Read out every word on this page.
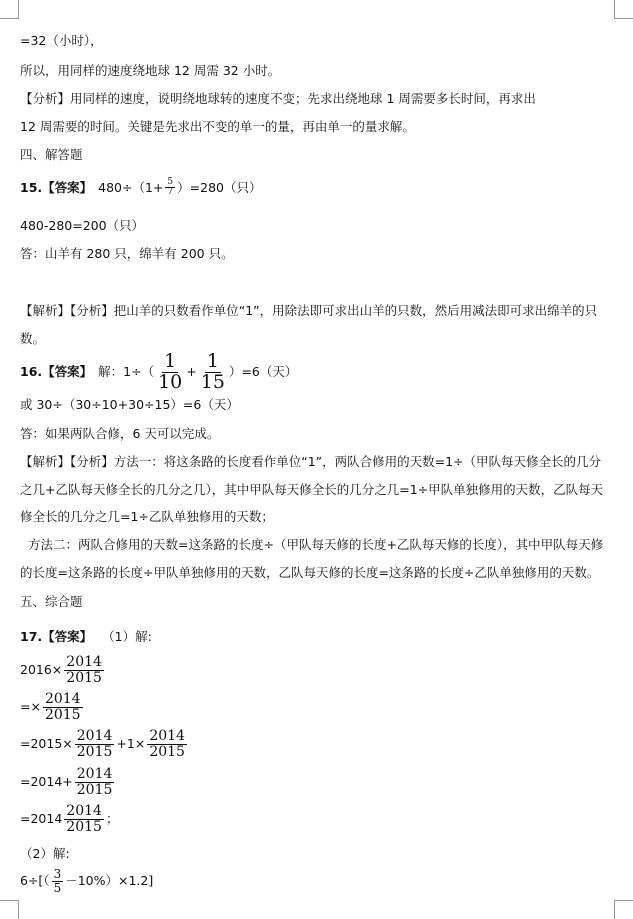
=32（小时），
所以，用同样的速度绕地球 12 周需 32 小时。
【分析】用同样的速度，说明绕地球转的速度不变；先求出绕地球 1 周需要多长时间，再求出
12 周需要的时间。关键是先求出不变的单一的量，再由单一的量求解。
四、解答题
15.【答案】 $480\div(1+ \frac{5}{7} )=280$（只）
480-280=200（只）
答：山羊有 280 只，绵羊有 200 只。
【解析】【分析】把山羊的只数看作单位“1”，用除法即可求出山羊的只数，然后用减法即可求出绵羊的只
数。
16.【答案】 解：$1\div( \frac{1}{10} + \frac{1}{15} )=6$（天）
或 30÷（30÷10+30÷15）=6（天）
答：如果两队合修，6 天可以完成。
【解析】【分析】方法一：将这条路的长度看作单位“1”，两队合修用的天数=1÷（甲队每天修全长的几分
之几+乙队每天修全长的几分之几），其中甲队每天修全长的几分之几=1÷甲队单独修用的天数，乙队每天
修全长的几分之几=1÷乙队单独修用的天数；
方法二：两队合修用的天数=这条路的长度÷（甲队每天修的长度+乙队每天修的长度），其中甲队每天修
的长度=这条路的长度÷甲队单独修用的天数，乙队每天修的长度=这条路的长度÷乙队单独修用的天数。
五、综合题
17.【答案】 （1）解:
$2016\times \frac{2014}{2015}$
=× $\frac{2014}{2015}$
$=2015\times \frac{2014}{2015} +1\times \frac{2014}{2015}$
$=2014+ \frac{2014}{2015}$
$=2014 \frac{2014}{2015}$ ；
（2）解:
$6\div[( \frac{3}{5} -10\%)\times 1.2]$
